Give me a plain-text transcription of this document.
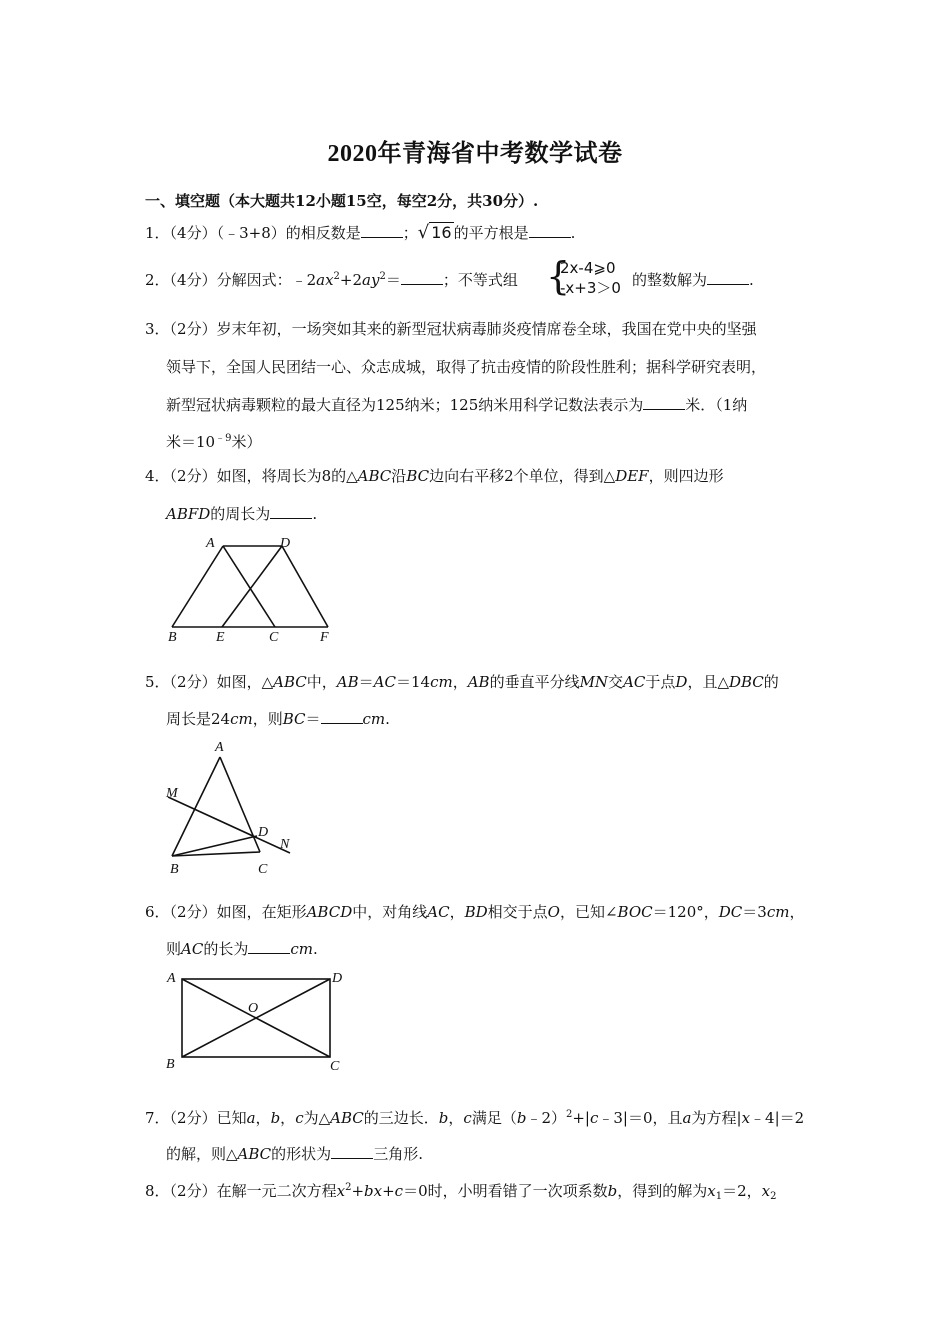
2020年青海省中考数学试卷
一、填空题（本大题共12小题15空，每空2分，共30分）.
1．（4分）（﹣3+8）的相反数是	；√ 16 的平方根是	.
2．（4分）分解因式：$﹣2ax^2+2ay^2=$	；不等式组 {
2x-4⩾0
-x+3＞0 的整数解为	.
3．（2分）岁末年初，一场突如其来的新型冠状病毒肺炎疫情席卷全球，我国在党中央的坚强
领导下，全国人民团结一心、众志成城，取得了抗击疫情的阶段性胜利；据科学研究表明，
新型冠状病毒颗粒的最大直径为125纳米；125纳米用科学记数法表示为	米．（1纳
米$=10^{﹣9}$米）
4．（2分）如图，将周长为8的△ABC沿BC边向右平移2个单位，得到△DEF，则四边形
ABFD的周长为	.
A	D
B	E	C	F
5．（2分）如图，△ABC中，AB＝AC＝14cm，AB的垂直平分线MN交AC于点D，且△DBC的
周长是24cm，则BC＝	cm.
A
M
D
N
B	C
6．（2分）如图，在矩形ABCD中，对角线AC，BD相交于点O，已知∠BOC＝120°，DC＝3cm，
则AC的长为	cm.
A	D
O
B	C
7．（2分）已知a，b，c为△ABC的三边长．b，c满足（b﹣2）$^2$+|c﹣3|＝0，且a为方程|x﹣4|＝2
的解，则△ABC的形状为	三角形.
8．（2分）在解一元二次方程$x^2+bx+c=0$时，小明看错了一次项系数b，得到的解为$x_1=2$，$x_2$
